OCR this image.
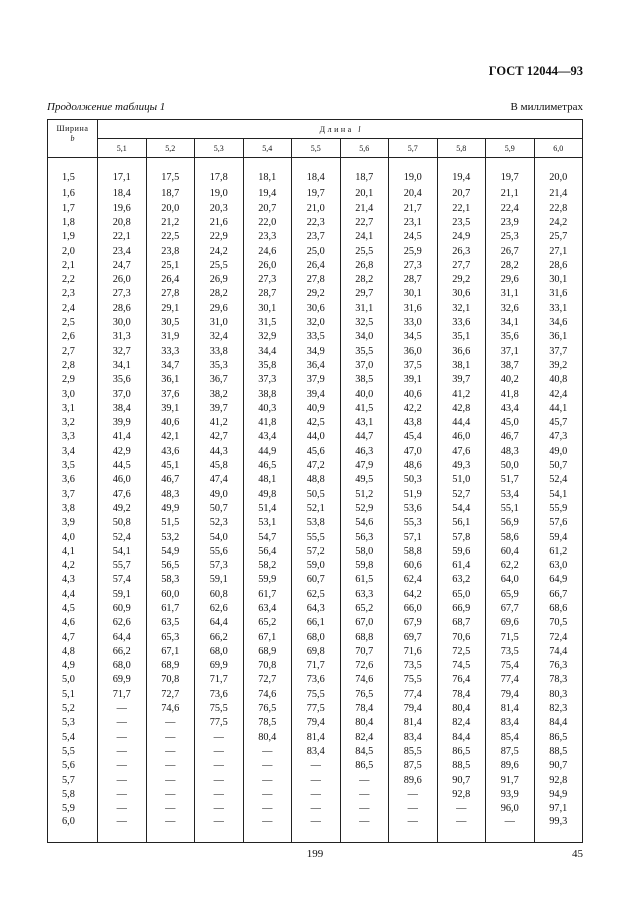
ГОСТ 12044—93
Продолжение таблицы 1	В миллиметрах
Ширина
b	Длина l									
	5,1	5,2	5,3	5,4	5,5	5,6	5,7	5,8	5,9	6,0
1,5	17,1	17,5	17,8	18,1	18,4	18,7	19,0	19,4	19,7	20,0
1,6	18,4	18,7	19,0	19,4	19,7	20,1	20,4	20,7	21,1	21,4
1,7	19,6	20,0	20,3	20,7	21,0	21,4	21,7	22,1	22,4	22,8
1,8	20,8	21,2	21,6	22,0	22,3	22,7	23,1	23,5	23,9	24,2
1,9	22,1	22,5	22,9	23,3	23,7	24,1	24,5	24,9	25,3	25,7
2,0	23,4	23,8	24,2	24,6	25,0	25,5	25,9	26,3	26,7	27,1
2,1	24,7	25,1	25,5	26,0	26,4	26,8	27,3	27,7	28,2	28,6
2,2	26,0	26,4	26,9	27,3	27,8	28,2	28,7	29,2	29,6	30,1
2,3	27,3	27,8	28,2	28,7	29,2	29,7	30,1	30,6	31,1	31,6
2,4	28,6	29,1	29,6	30,1	30,6	31,1	31,6	32,1	32,6	33,1
2,5	30,0	30,5	31,0	31,5	32,0	32,5	33,0	33,6	34,1	34,6
2,6	31,3	31,9	32,4	32,9	33,5	34,0	34,5	35,1	35,6	36,1
2,7	32,7	33,3	33,8	34,4	34,9	35,5	36,0	36,6	37,1	37,7
2,8	34,1	34,7	35,3	35,8	36,4	37,0	37,5	38,1	38,7	39,2
2,9	35,6	36,1	36,7	37,3	37,9	38,5	39,1	39,7	40,2	40,8
3,0	37,0	37,6	38,2	38,8	39,4	40,0	40,6	41,2	41,8	42,4
3,1	38,4	39,1	39,7	40,3	40,9	41,5	42,2	42,8	43,4	44,1
3,2	39,9	40,6	41,2	41,8	42,5	43,1	43,8	44,4	45,0	45,7
3,3	41,4	42,1	42,7	43,4	44,0	44,7	45,4	46,0	46,7	47,3
3,4	42,9	43,6	44,3	44,9	45,6	46,3	47,0	47,6	48,3	49,0
3,5	44,5	45,1	45,8	46,5	47,2	47,9	48,6	49,3	50,0	50,7
3,6	46,0	46,7	47,4	48,1	48,8	49,5	50,3	51,0	51,7	52,4
3,7	47,6	48,3	49,0	49,8	50,5	51,2	51,9	52,7	53,4	54,1
3,8	49,2	49,9	50,7	51,4	52,1	52,9	53,6	54,4	55,1	55,9
3,9	50,8	51,5	52,3	53,1	53,8	54,6	55,3	56,1	56,9	57,6
4,0	52,4	53,2	54,0	54,7	55,5	56,3	57,1	57,8	58,6	59,4
4,1	54,1	54,9	55,6	56,4	57,2	58,0	58,8	59,6	60,4	61,2
4,2	55,7	56,5	57,3	58,2	59,0	59,8	60,6	61,4	62,2	63,0
4,3	57,4	58,3	59,1	59,9	60,7	61,5	62,4	63,2	64,0	64,9
4,4	59,1	60,0	60,8	61,7	62,5	63,3	64,2	65,0	65,9	66,7
4,5	60,9	61,7	62,6	63,4	64,3	65,2	66,0	66,9	67,7	68,6
4,6	62,6	63,5	64,4	65,2	66,1	67,0	67,9	68,7	69,6	70,5
4,7	64,4	65,3	66,2	67,1	68,0	68,8	69,7	70,6	71,5	72,4
4,8	66,2	67,1	68,0	68,9	69,8	70,7	71,6	72,5	73,5	74,4
4,9	68,0	68,9	69,9	70,8	71,7	72,6	73,5	74,5	75,4	76,3
5,0	69,9	70,8	71,7	72,7	73,6	74,6	75,5	76,4	77,4	78,3
5,1	71,7	72,7	73,6	74,6	75,5	76,5	77,4	78,4	79,4	80,3
5,2	—	74,6	75,5	76,5	77,5	78,4	79,4	80,4	81,4	82,3
5,3	—	—	77,5	78,5	79,4	80,4	81,4	82,4	83,4	84,4
5,4	—	—	—	80,4	81,4	82,4	83,4	84,4	85,4	86,5
5,5	—	—	—	—	83,4	84,5	85,5	86,5	87,5	88,5
5,6	—	—	—	—	—	86,5	87,5	88,5	89,6	90,7
5,7	—	—	—	—	—	—	89,6	90,7	91,7	92,8
5,8	—	—	—	—	—	—	—	92,8	93,9	94,9
5,9	—	—	—	—	—	—	—	—	96,0	97,1
6,0	—	—	—	—	—	—	—	—	—	99,3
199	45
